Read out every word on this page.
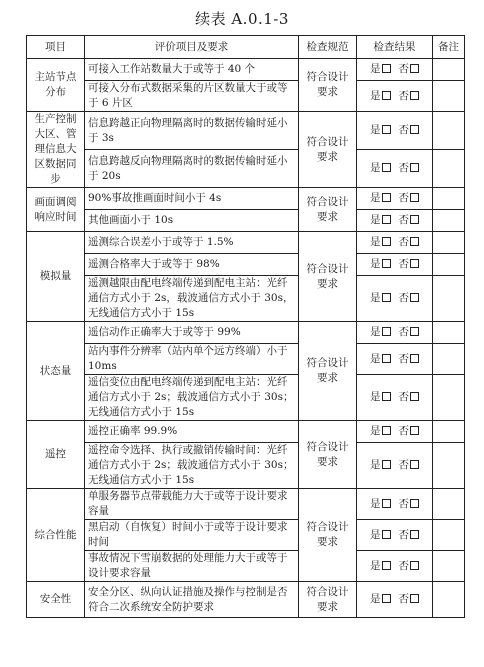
续表 A.0.1-3
项目	评价项目及要求	检查规范	检查结果	备注
主站节点分布	可接入工作站数量大于或等于 40 个	符合设计要求	是 否	
	可接入分布式数据采集的片区数量大于或等于 6 片区		是 否	
生产控制大区、管理信息大区数据同步	信息跨越正向物理隔离时的数据传输时延小于 3s	符合设计要求	是 否	
	信息跨越反向物理隔离时的数据传输时延小于 20s		是 否	
画面调阅响应时间	90%事故推画面时间小于 4s	符合设计要求	是 否	
	其他画面小于 10s		是 否	
模拟量	遥测综合误差小于或等于 1.5%	符合设计要求	是 否	
	遥测合格率大于或等于 98%		是 否	
	遥测越限由配电终端传递到配电主站：光纤通信方式小于 2s，载波通信方式小于 30s，无线通信方式小于 15s		是 否	
状态量	遥信动作正确率大于或等于 99%	符合设计要求	是 否	
	站内事件分辨率（站内单个远方终端）小于 10ms		是 否	
	遥信变位由配电终端传递到配电主站：光纤通信方式小于 2s；载波通信方式小于 30s；无线通信方式小于 15s		是 否	
遥控	遥控正确率 99.9%	符合设计要求	是 否	
	遥控命令选择、执行或撤销传输时间：光纤通信方式小于 2s；载波通信方式小于 30s；无线通信方式小于 15s		是 否	
综合性能	单服务器节点带载能力大于或等于设计要求容量	符合设计要求	是 否	
	黑启动（自恢复）时间小于或等于设计要求时间		是 否	
	事故情况下雪崩数据的处理能力大于或等于设计要求容量		是 否	
安全性	安全分区、纵向认证措施及操作与控制是否符合二次系统安全防护要求	符合设计要求	是 否	
